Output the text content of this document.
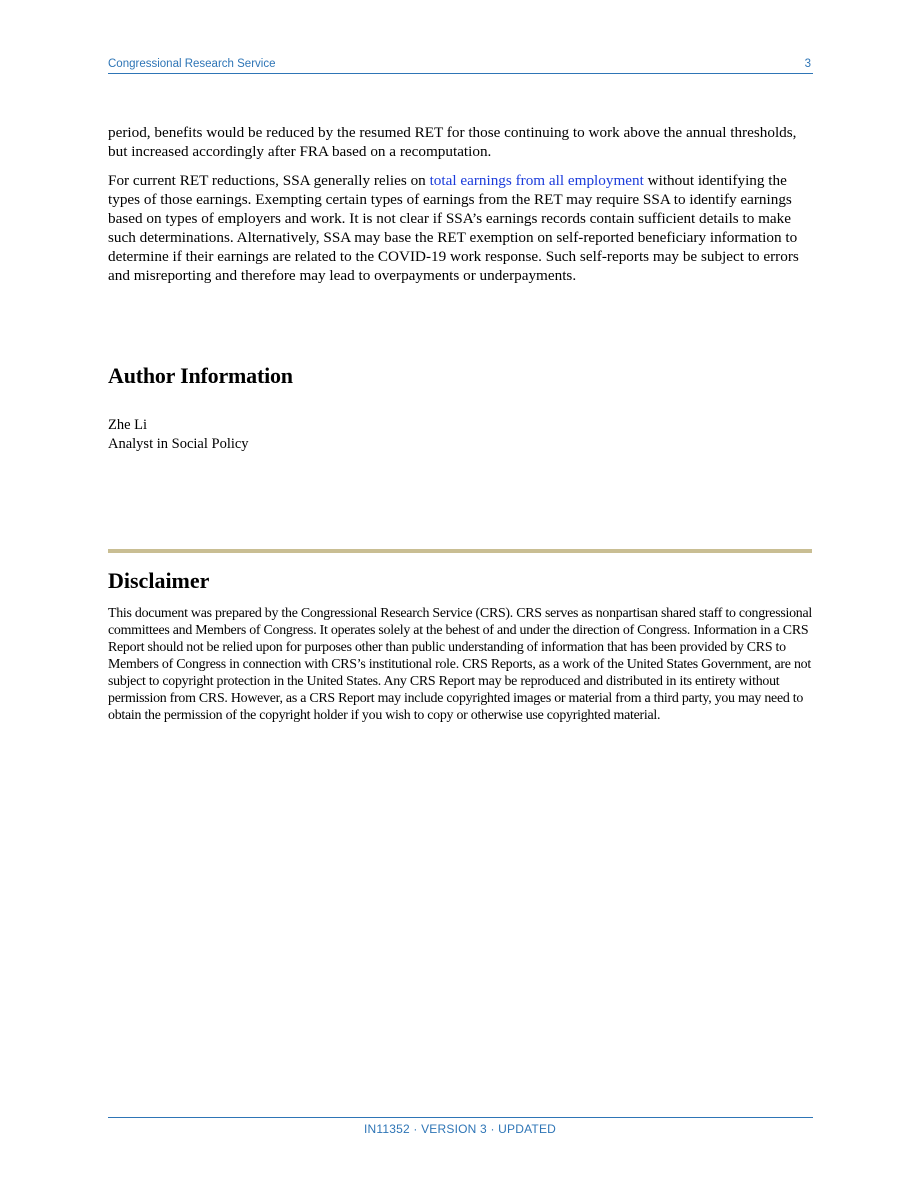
Congressional Research Service	3

period, benefits would be reduced by the resumed RET for those continuing to work above the annual thresholds, but increased accordingly after FRA based on a recomputation.

For current RET reductions, SSA generally relies on total earnings from all employment without identifying the types of those earnings. Exempting certain types of earnings from the RET may require SSA to identify earnings based on types of employers and work. It is not clear if SSA’s earnings records contain sufficient details to make such determinations. Alternatively, SSA may base the RET exemption on self-reported beneficiary information to determine if their earnings are related to the COVID-19 work response. Such self-reports may be subject to errors and misreporting and therefore may lead to overpayments or underpayments.

Author Information
Zhe Li
Analyst in Social Policy
Disclaimer

This document was prepared by the Congressional Research Service (CRS). CRS serves as nonpartisan shared staff to congressional committees and Members of Congress. It operates solely at the behest of and under the direction of Congress. Information in a CRS Report should not be relied upon for purposes other than public understanding of information that has been provided by CRS to Members of Congress in connection with CRS’s institutional role. CRS Reports, as a work of the United States Government, are not subject to copyright protection in the United States. Any CRS Report may be reproduced and distributed in its entirety without permission from CRS. However, as a CRS Report may include copyrighted images or material from a third party, you may need to obtain the permission of the copyright holder if you wish to copy or otherwise use copyrighted material.

IN11352 · VERSION 3 · UPDATED
